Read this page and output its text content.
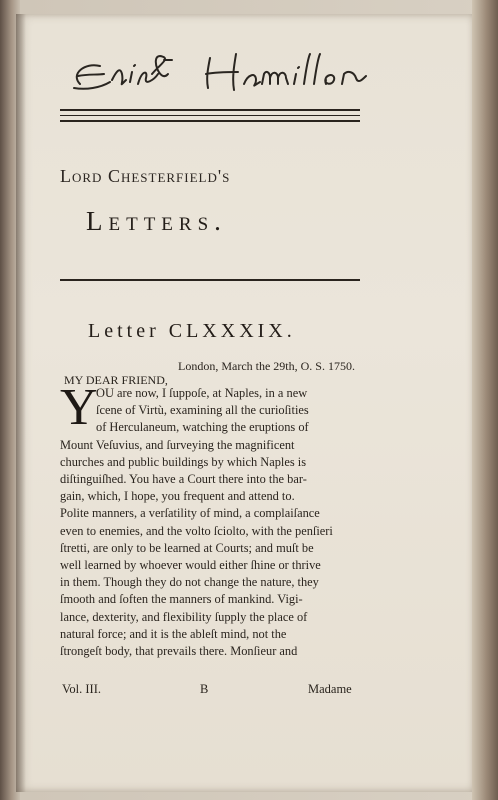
Elizth Hamilton
Lord Chesterfield's
Letters.
Letter CLXXXIX.
London, March the 29th, O. S. 1750.
MY DEAR FRIEND,
Y
OU are now, I ſuppoſe, at Naples, in a new
ſcene of Virtù, examining all the curioſities
of Herculaneum, watching the eruptions of
Mount Veſuvius, and ſurveying the magnificent
churches and public buildings by which Naples is
diſtinguiſhed. You have a Court there into the bar-
gain, which, I hope, you frequent and attend to.
Polite manners, a verſatility of mind, a complaiſance
even to enemies, and the volto ſciolto, with the penſieri
ſtretti, are only to be learned at Courts; and muſt be
well learned by whoever would either ſhine or thrive
in them. Though they do not change the nature, they
ſmooth and ſoften the manners of mankind. Vigi-
lance, dexterity, and flexibility ſupply the place of
natural force; and it is the ableſt mind, not the
ſtrongeſt body, that prevails there. Monſieur and
Vol. III.	B	Madame
